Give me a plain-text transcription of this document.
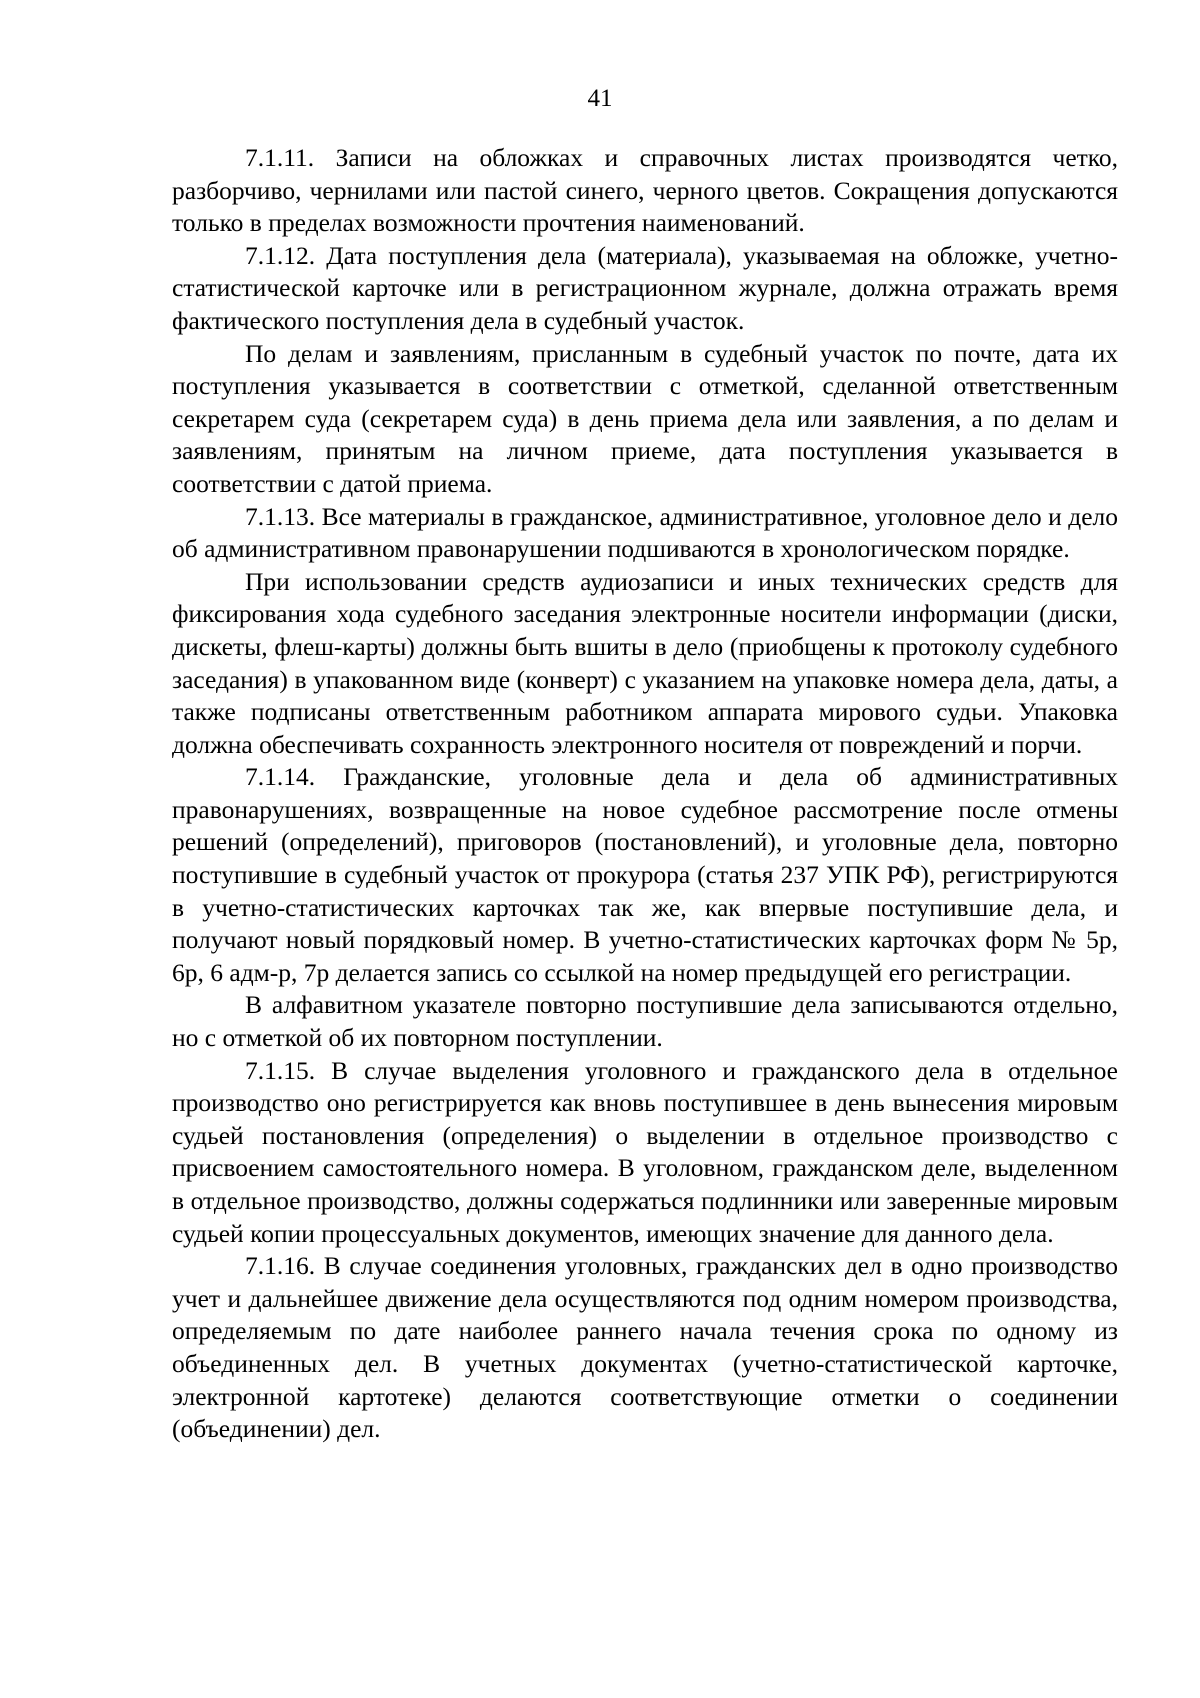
41

7.1.11. Записи на обложках и справочных листах производятся четко, разборчиво, чернилами или пастой синего, черного цветов. Сокращения допускаются только в пределах возможности прочтения наименований.

7.1.12. Дата поступления дела (материала), указываемая на обложке, учетно-статистической карточке или в регистрационном журнале, должна отражать время фактического поступления дела в судебный участок.

По делам и заявлениям, присланным в судебный участок по почте, дата их поступления указывается в соответствии с отметкой, сделанной ответственным секретарем суда (секретарем суда) в день приема дела или заявления, а по делам и заявлениям, принятым на личном приеме, дата поступления указывается в соответствии с датой приема.

7.1.13. Все материалы в гражданское, административное, уголовное дело и дело об административном правонарушении подшиваются в хронологическом порядке.

При использовании средств аудиозаписи и иных технических средств для фиксирования хода судебного заседания электронные носители информации (диски, дискеты, флеш-карты) должны быть вшиты в дело (приобщены к протоколу судебного заседания) в упакованном виде (конверт) с указанием на упаковке номера дела, даты, а также подписаны ответственным работником аппарата мирового судьи. Упаковка должна обеспечивать сохранность электронного носителя от повреждений и порчи.

7.1.14. Гражданские, уголовные дела и дела об административных правонарушениях, возвращенные на новое судебное рассмотрение после отмены решений (определений), приговоров (постановлений), и уголовные дела, повторно поступившие в судебный участок от прокурора (статья 237 УПК РФ), регистрируются в учетно-статистических карточках так же, как впервые поступившие дела, и получают новый порядковый номер. В учетно-статистических карточках форм № 5р, 6р, 6 адм-р, 7р делается запись со ссылкой на номер предыдущей его регистрации.

В алфавитном указателе повторно поступившие дела записываются отдельно, но с отметкой об их повторном поступлении.

7.1.15. В случае выделения уголовного и гражданского дела в отдельное производство оно регистрируется как вновь поступившее в день вынесения мировым судьей постановления (определения) о выделении в отдельное производство с присвоением самостоятельного номера. В уголовном, гражданском деле, выделенном в отдельное производство, должны содержаться подлинники или заверенные мировым судьей копии процессуальных документов, имеющих значение для данного дела.

7.1.16. В случае соединения уголовных, гражданских дел в одно производство учет и дальнейшее движение дела осуществляются под одним номером производства, определяемым по дате наиболее раннего начала течения срока по одному из объединенных дел. В учетных документах (учетно-статистической карточке, электронной картотеке) делаются соответствующие отметки о соединении (объединении) дел.
